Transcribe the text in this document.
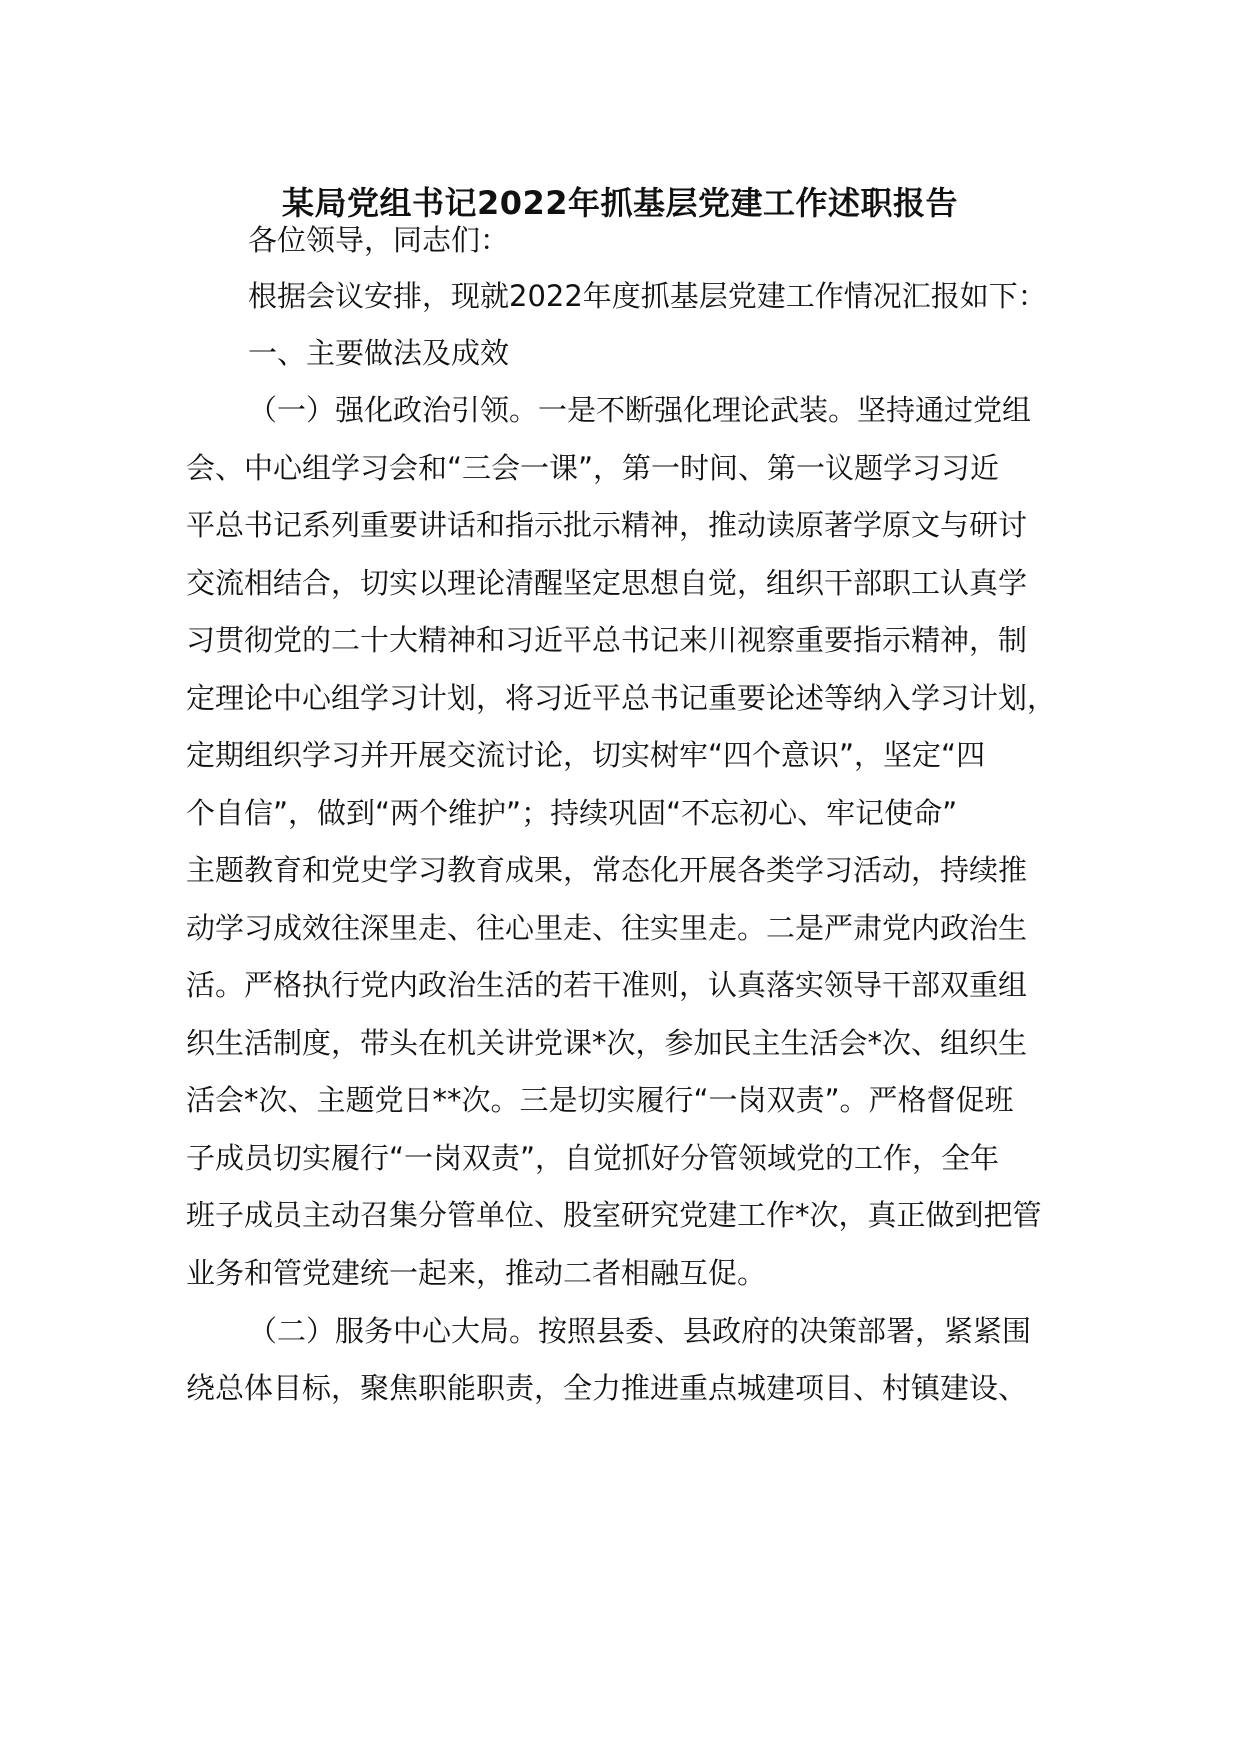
某局党组书记2022年抓基层党建工作述职报告

各位领导，同志们：

根据会议安排，现就2022年度抓基层党建工作情况汇报如下：

一、主要做法及成效

（一）强化政治引领。一是不断强化理论武装。坚持通过党组

会、中心组学习会和“三会一课”，第一时间、第一议题学习习近

平总书记系列重要讲话和指示批示精神，推动读原著学原文与研讨

交流相结合，切实以理论清醒坚定思想自觉，组织干部职工认真学

习贯彻党的二十大精神和习近平总书记来川视察重要指示精神，制

定理论中心组学习计划，将习近平总书记重要论述等纳入学习计划，

定期组织学习并开展交流讨论，切实树牢“四个意识”，坚定“四

个自信”，做到“两个维护”；持续巩固“不忘初心、牢记使命”

主题教育和党史学习教育成果，常态化开展各类学习活动，持续推

动学习成效往深里走、往心里走、往实里走。二是严肃党内政治生

活。严格执行党内政治生活的若干准则，认真落实领导干部双重组

织生活制度，带头在机关讲党课*次，参加民主生活会*次、组织生

活会*次、主题党日**次。三是切实履行“一岗双责”。严格督促班

子成员切实履行“一岗双责”，自觉抓好分管领域党的工作，全年

班子成员主动召集分管单位、股室研究党建工作*次，真正做到把管

业务和管党建统一起来，推动二者相融互促。

（二）服务中心大局。按照县委、县政府的决策部署，紧紧围

绕总体目标，聚焦职能职责，全力推进重点城建项目、村镇建设、
